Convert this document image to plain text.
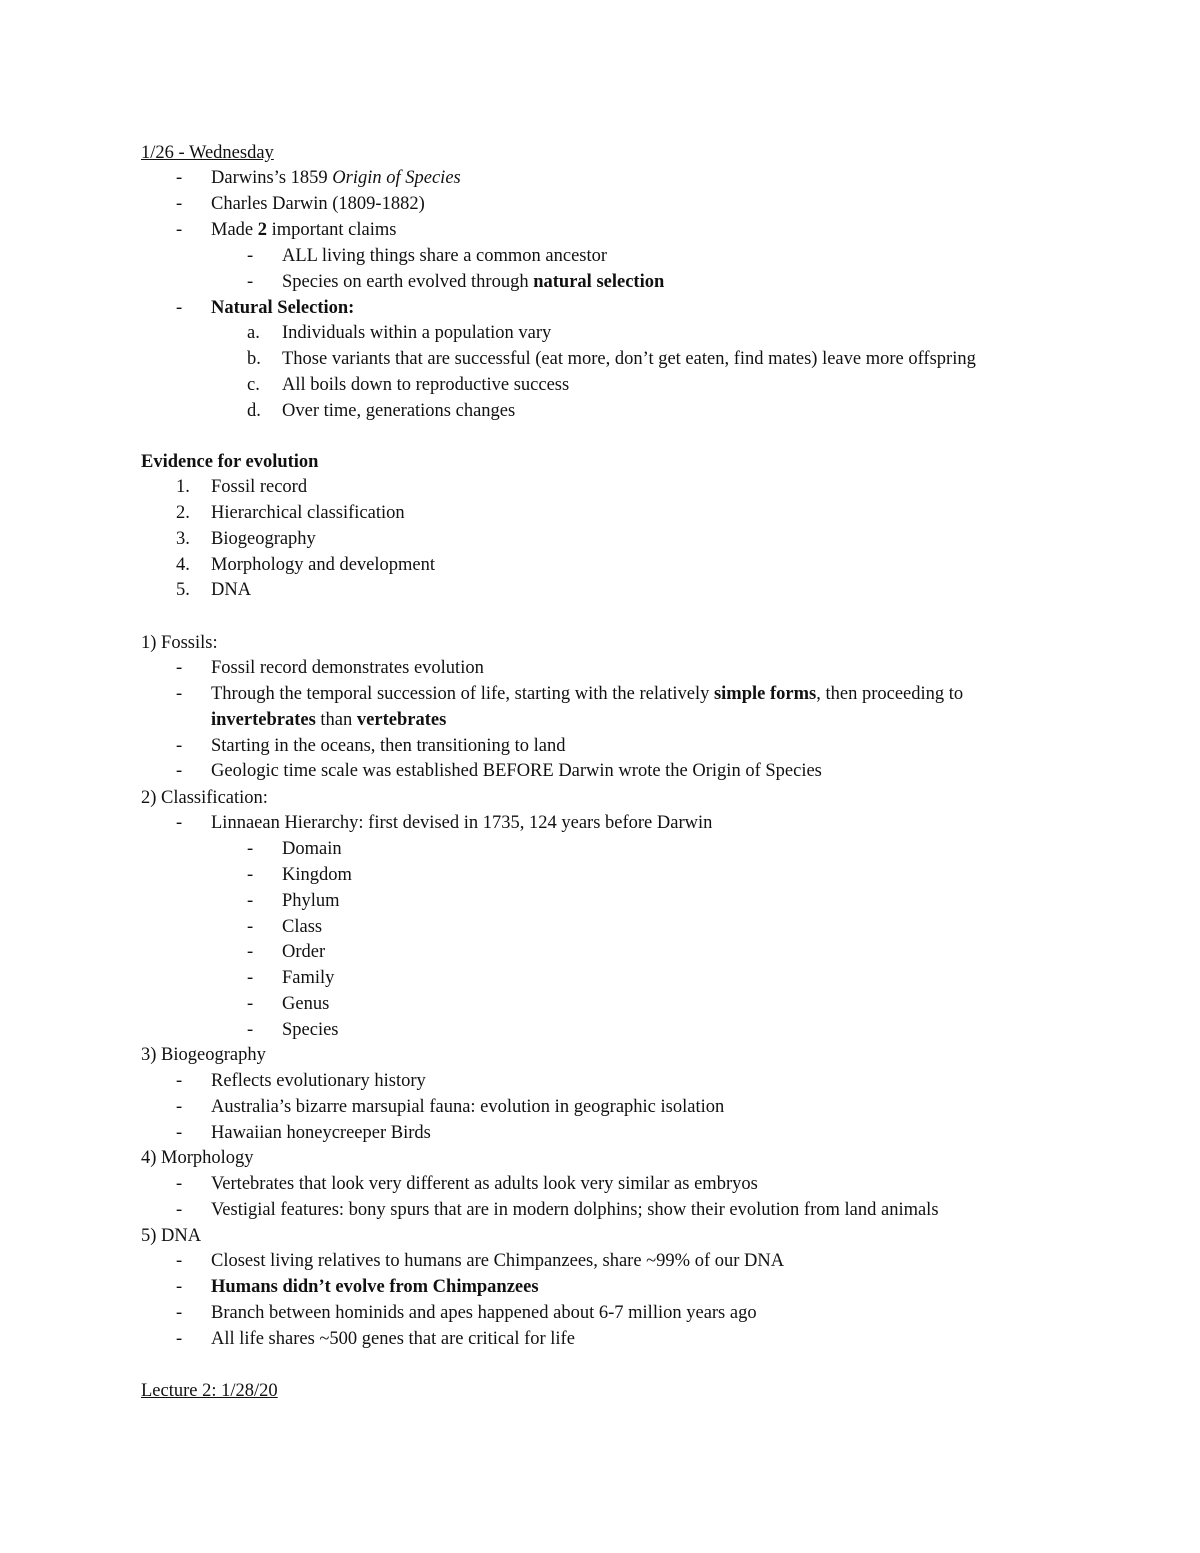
1/26 - Wednesday
Evidence for evolution
1) Fossils:
2) Classification:
3) Biogeography
4) Morphology
5) DNA
Lecture 2: 1/28/20
- Darwins’s 1859 Origin of Species
- Charles Darwin (1809-1882)
- Made 2 important claims
- ALL living things share a common ancestor
- Species on earth evolved through natural selection
- Natural Selection:
a. Individuals within a population vary
b. Those variants that are successful (eat more, don’t get eaten, find mates) leave more offspring
c. All boils down to reproductive success
d. Over time, generations changes
1. Fossil record
2. Hierarchical classification
3. Biogeography
4. Morphology and development
5. DNA
- Fossil record demonstrates evolution
- Through the temporal succession of life, starting with the relatively simple forms, then proceeding to
invertebrates than vertebrates
- Starting in the oceans, then transitioning to land
- Geologic time scale was established BEFORE Darwin wrote the Origin of Species
- Linnaean Hierarchy: first devised in 1735, 124 years before Darwin
- Domain
- Kingdom
- Phylum
- Class
- Order
- Family
- Genus
- Species
- Reflects evolutionary history
- Australia’s bizarre marsupial fauna: evolution in geographic isolation
- Hawaiian honeycreeper Birds
- Vertebrates that look very different as adults look very similar as embryos
- Vestigial features: bony spurs that are in modern dolphins; show their evolution from land animals
- Closest living relatives to humans are Chimpanzees, share ~99% of our DNA
- Humans didn’t evolve from Chimpanzees
- Branch between hominids and apes happened about 6-7 million years ago
- All life shares ~500 genes that are critical for life
